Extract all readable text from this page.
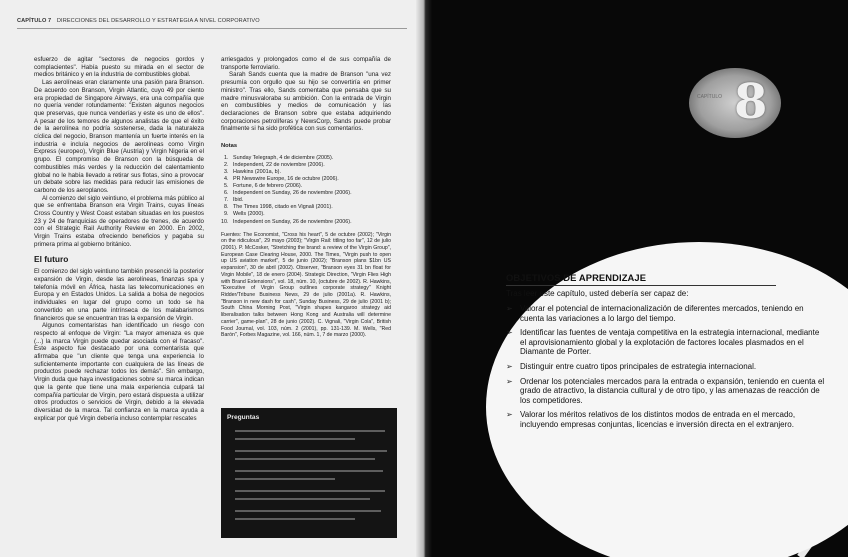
CAPÍTULO 7 DIRECCIONES DEL DESARROLLO Y ESTRATEGIA A NIVEL CORPORATIVO

esfuerzo de agitar "sectores de negocios gordos y complacientes". Había puesto su mirada en el sector de medios británico y en la industria de combustibles global.

Las aerolíneas eran claramente una pasión para Branson. De acuerdo con Branson, Virgin Atlantic, cuyo 49 por ciento era propiedad de Singapore Airways, era una compañía que no quería vender rotundamente: "Existen algunos negocios que preservas, que nunca venderías y este es uno de ellos". A pesar de los temores de algunos analistas de que el éxito de la aerolínea no podría sostenerse, dada la naturaleza cíclica del negocio, Branson mantenía un fuerte interés en la industria e incluía negocios de aerolíneas como Virgin Express (europeo), Virgin Blue (Austria) y Virgin Nigeria en el grupo. El compromiso de Branson con la búsqueda de combustibles más verdes y la reducción del calentamiento global no le había llevado a retirar sus flotas, sino a provocar un debate sobre las medidas para reducir las emisiones de carbono de los aeroplanos.

Al comienzo del siglo veintiuno, el problema más público al que se enfrentaba Branson era Virgin Trains, cuyas líneas Cross Country y West Coast estaban situadas en los puestos 23 y 24 de franquicias de operadores de trenes, de acuerdo con el Strategic Rail Authority Review en 2000. En 2002, Virgin Trains estaba ofreciendo beneficios y pagaba su primera prima al gobierno británico.

El futuro

El comienzo del siglo veintiuno también presenció la posterior expansión de Virgin, desde las aerolíneas, finanzas spa y telefonía móvil en África, hasta las telecomunicaciones en Europa y en Estados Unidos. La salida a bolsa de negocios individuales en lugar del grupo como un todo se ha convertido en una parte intrínseca de los malabarismos financieros que se encuentran tras la expansión de Virgin.

Algunos comentaristas han identificado un riesgo con respecto al enfoque de Virgin: "La mayor amenaza es que (...) la marca Virgin puede quedar asociada con el fracaso". Este aspecto fue destacado por una comentarista que afirmaba que "un cliente que tenga una experiencia lo suficientemente importante con cualquiera de las líneas de productos puede rechazar todos los demás". Sin embargo, Virgin duda que haya investigaciones sobre su marca indican que la gente que tiene una mala experiencia culpará tal compañía particular de Virgin, pero estará dispuesta a utilizar otros productos o servicios de Virgin, debido a la elevada diversidad de la marca. Tal confianza en la marca ayuda a explicar por qué Virgin debería incluso contemplar rescates

arriesgados y prolongados como el de sus compañía de transporte ferroviario.

Sarah Sands cuenta que la madre de Branson "una vez presumía con orgullo que su hijo se convertiría en primer ministro". Tras ello, Sands comentaba que pensaba que su madre minusvaloraba su ambición. Con la entrada de Virgin en combustibles y medios de comunicación y las declaraciones de Branson sobre que estaba adquiriendo corporaciones petrolíferas y NewsCorp, Sands puede probar finalmente si ha sido profética con sus comentarios.

Notas
1. Sunday Telegraph, 4 de diciembre (2005).
2. Independent, 22 de noviembre (2006).
3. Hawkins (2001a, b).
4. PR Newswire Europe, 16 de octubre (2006).
5. Fortune, 6 de febrero (2006).
6. Independent on Sunday, 26 de noviembre (2006).
7. Ibid.
8. The Times 1998, citado en Vignali (2001).
9. Wells (2000).
10. Independent on Sunday, 26 de noviembre (2006).
Fuentes: The Economist, "Cross his heart", 5 de octubre (2002); "Virgin on the ridiculous", 29 mayo (2003); "Virgin Rail: titling too far", 12 de julio (2001). P. McCosker, "Stretching the brand: a review of the Virgin Group", European Case Clearing House, 2000. The Times, "Virgin push to open up US aviation market", 5 de junio (2002); "Branson plans $1bn US expansion", 30 de abril (2002). Observer, "Branson eyes 31 bn float for Virgin Mobile", 18 de enero (2004). Strategic Direction, "Virgin Flies High with Brand Extensions", vol. 18, núm. 10, (octubre de 2002). R. Hawkins, "Executive of Virgin Group outlines corporate strategy" Knight Ridder/Tribune Business News, 29 de julio (2001a). R. Hawkins, "Branson in new dash for cash", Sunday Business, 29 de julio (2001 b); South China Morning Post, "Virgin shapes kangaroo strategy aid liberalisation talks between Hong Kong and Australia will determine carrier", game-plan", 28 de junio (2002). C. Vignali, "Virgin Cola", British Food Journal, vol. 103, núm. 2 (2001), pp. 131-139. M. Wells, "Red Barón", Forbes Magazine, vol. 166, núm. 1, 7 de marzo (2000).
Preguntas
CAPÍTULO 8
OBJETIVOS DE APRENDIZAJE
Tras leer este capítulo, usted debería ser capaz de:
➢ Valorar el potencial de internacionalización de diferentes mercados, teniendo en cuenta las variaciones a lo largo del tiempo.
➢ Identificar las fuentes de ventaja competitiva en la estrategia internacional, mediante el aprovisionamiento global y la explotación de factores locales plasmados en el Diamante de Porter.
➢ Distinguir entre cuatro tipos principales de estrategia internacional.
➢ Ordenar los potenciales mercados para la entrada o expansión, teniendo en cuenta el grado de atractivo, la distancia cultural y de otro tipo, y las amenazas de reacción de los competidores.
➢ Valorar los méritos relativos de los distintos modos de entrada en el mercado, incluyendo empresas conjuntas, licencias e inversión directa en el extranjero.
